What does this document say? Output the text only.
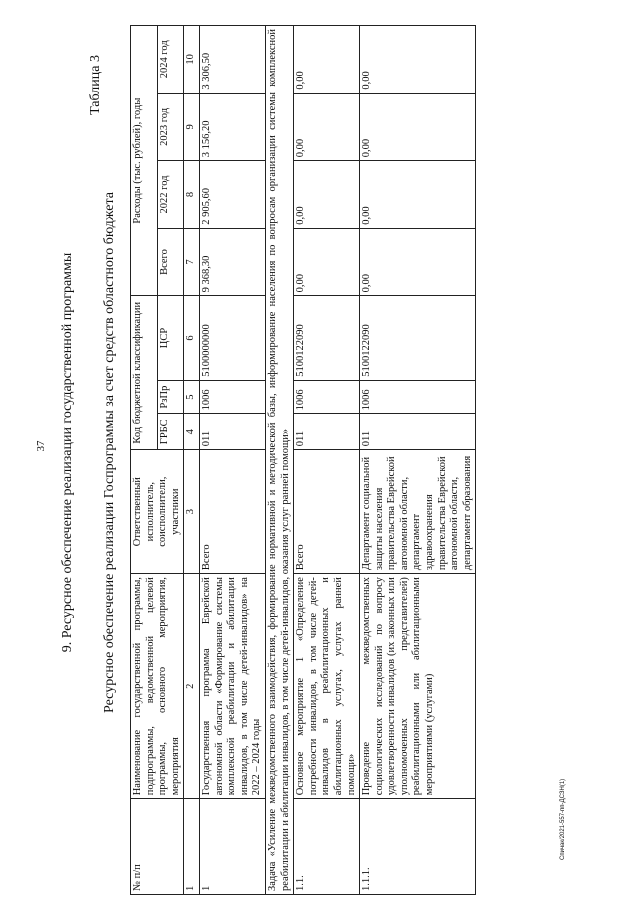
37
Спичак/2021-557-пп-ДСЗН(1)
9. Ресурсное обеспечение реализации государственной программы
Таблица 3
Ресурсное обеспечение реализации Госпрограммы за счет средств областного бюджета
№ п/п	Наименование государственной программы, подпрограммы, ведомственной целевой программы, основного мероприятия, мероприятия	Ответственный исполнитель, соисполнители, участники	Код бюджетной классификации			Расходы (тыс. рублей), годы			
			ГРБС	РзПр	ЦСР	Всего	2022 год	2023 год	2024 год
1	2	3	4	5	6	7	8	9	10
1	Государственная программа Еврейской автономной области «Формирование системы комплексной реабилитации и абилитации инвалидов, в том числе детей-инвалидов» на 2022 – 2024 годы	Всего	011	1006	5100000000	9 368,30	2 905,60	3 156,20	3 306,50
Задача «Усиление межведомственного взаимодействия, формирование нормативной и методической базы, информирование населения по вопросам организации системы комплексной реабилитации и абилитации инвалидов, в том числе детей-инвалидов, оказания услуг ранней помощи»									
1.1.	Основное мероприятие 1 «Определение потребности инвалидов, в том числе детей-инвалидов в реабилитационных и абилитационных услугах, услугах ранней помощи»	Всего	011	1006	5100122090	0,00	0,00	0,00	0,00
1.1.1.	Проведение межведомственных социологических исследований по вопросу удовлетворенности инвалидов (их законных или уполномоченных представителей) реабилитационными или абилитационными мероприятиями (услугами)	Департамент социальной защиты населения правительства Еврейской автономной области, департамент здравоохранения правительства Еврейской автономной области, департамент образования	011	1006	5100122090	0,00	0,00	0,00	0,00
